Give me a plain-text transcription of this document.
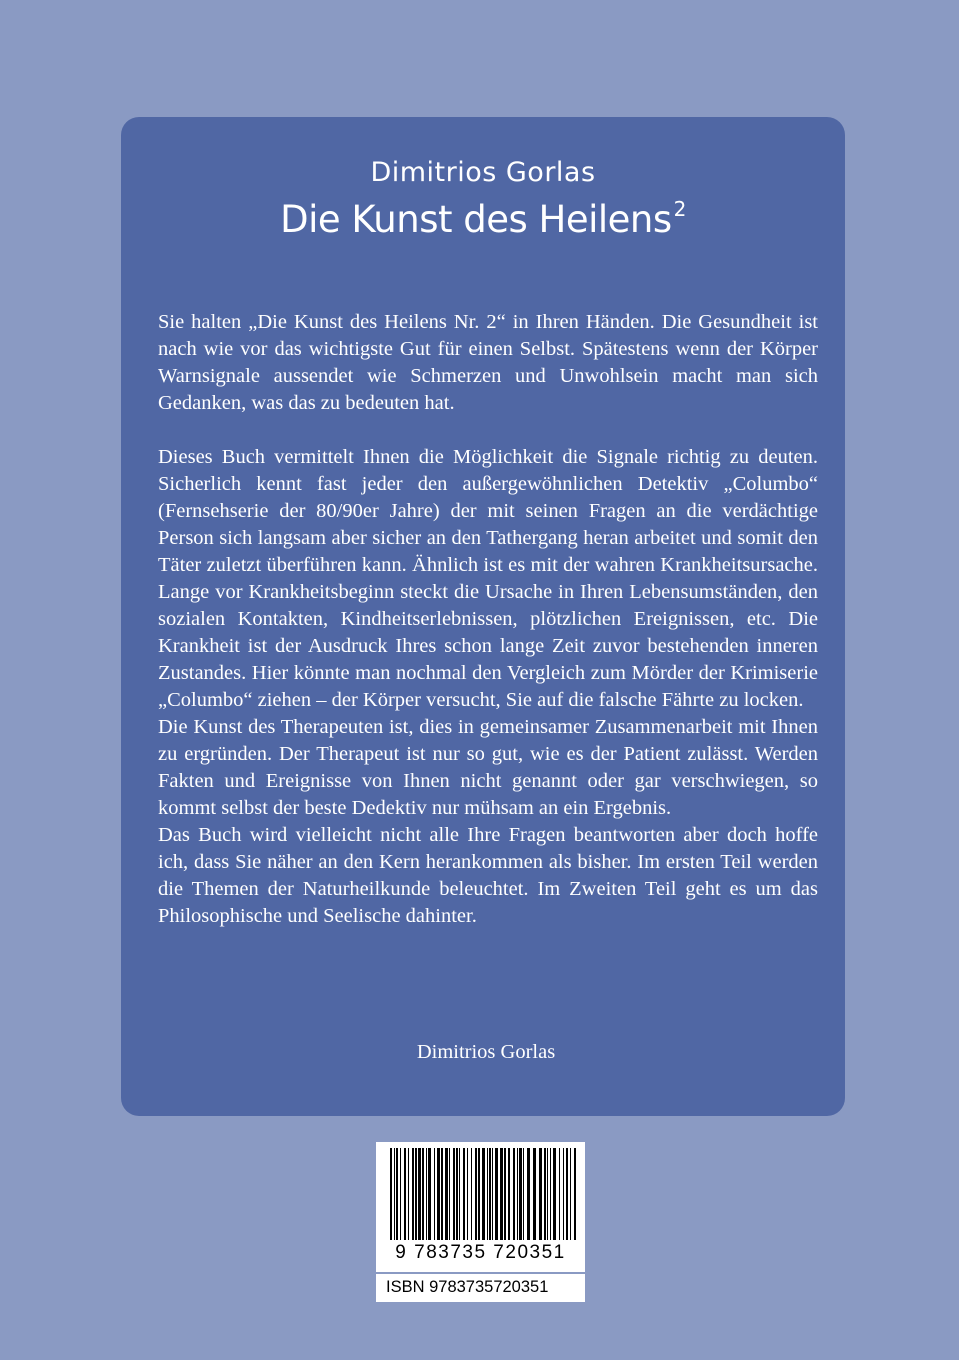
Dimitrios Gorlas
Die Kunst des Heilens $^2$

Sie halten „Die Kunst des Heilens Nr. 2“ in Ihren Händen. Die Gesundheit ist nach wie vor das wichtigste Gut für einen Selbst. Spätestens wenn der Körper Warnsignale aussendet wie Schmerzen und Unwohlsein macht man sich Gedanken, was das zu bedeuten hat.

Dieses Buch vermittelt Ihnen die Möglichkeit die Signale richtig zu deuten. Sicherlich kennt fast jeder den außergewöhnlichen Detektiv „Columbo“ (Fernsehserie der 80/90er Jahre) der mit seinen Fragen an die verdächtige Person sich langsam aber sicher an den Tathergang heran arbeitet und somit den Täter zuletzt überführen kann. Ähnlich ist es mit der wahren Krankheitsursache. Lange vor Krankheitsbeginn steckt die Ursache in Ihren Lebensumständen, den sozialen Kontakten, Kindheitserlebnissen, plötzlichen Ereignissen, etc. Die Krankheit ist der Ausdruck Ihres schon lange Zeit zuvor bestehenden inneren Zustandes. Hier könnte man nochmal den Vergleich zum Mörder der Krimiserie „Columbo“ ziehen – der Körper versucht, Sie auf die falsche Fährte zu locken.

Die Kunst des Therapeuten ist, dies in gemeinsamer Zusammenarbeit mit Ihnen zu ergründen. Der Therapeut ist nur so gut, wie es der Patient zulässt. Werden Fakten und Ereignisse von Ihnen nicht genannt oder gar verschwiegen, so kommt selbst der beste Dedektiv nur mühsam an ein Ergebnis.

Das Buch wird vielleicht nicht alle Ihre Fragen beantworten aber doch hoffe ich, dass Sie näher an den Kern herankommen als bisher. Im ersten Teil werden die Themen der Naturheilkunde beleuchtet. Im Zweiten Teil geht es um das Philosophische und Seelische dahinter.

Dimitrios Gorlas
9 783735 720351
ISBN 9783735720351
